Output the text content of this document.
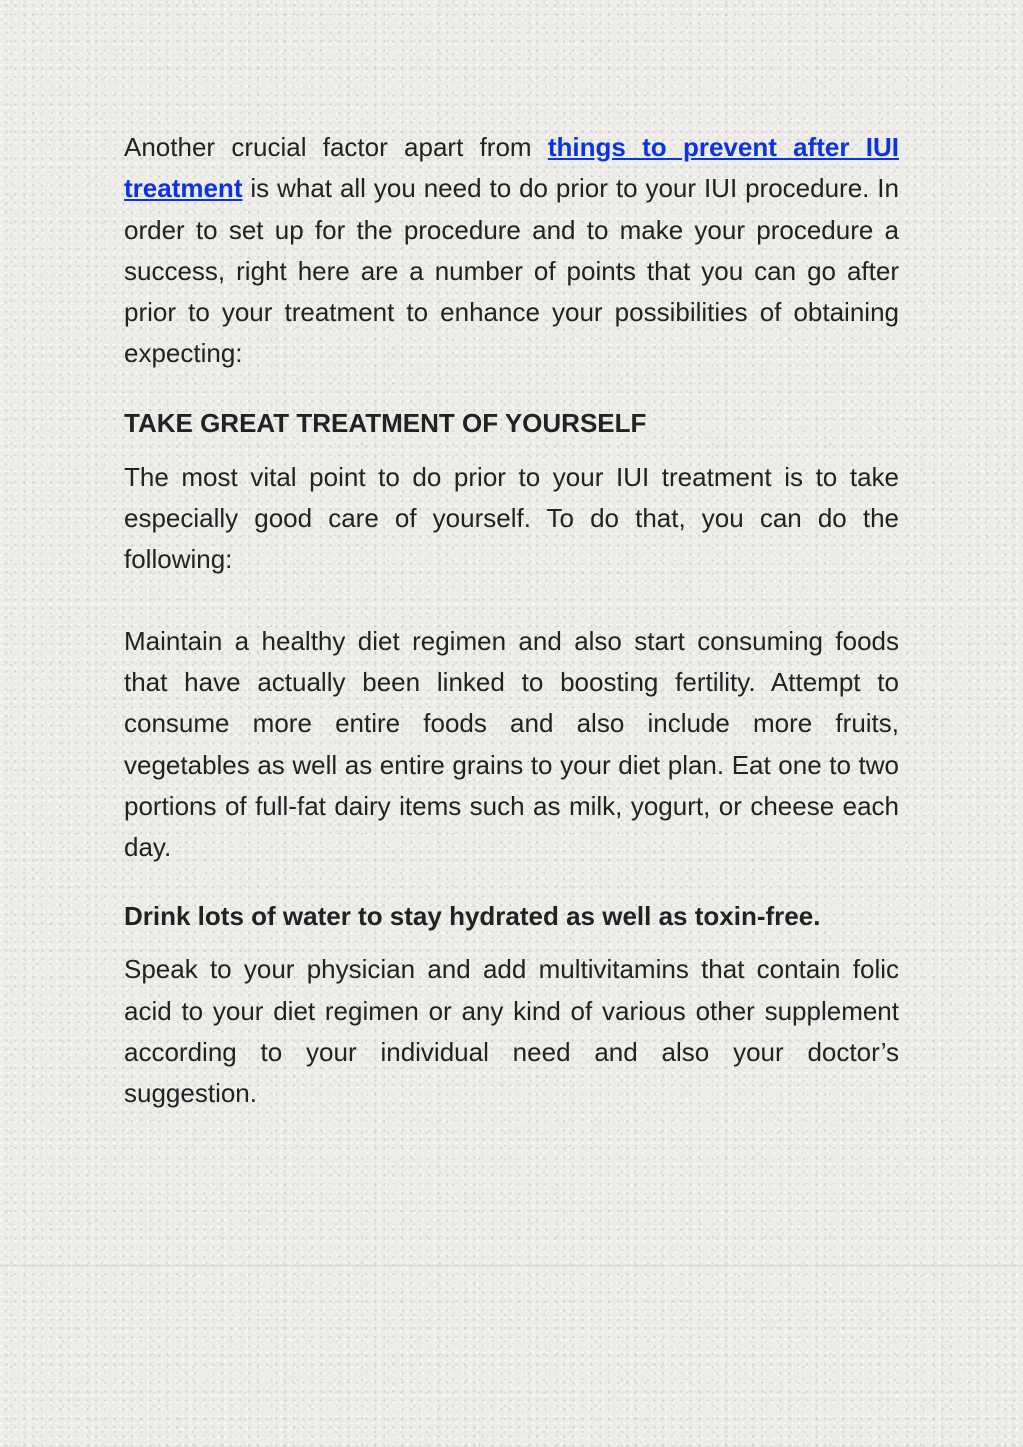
Another crucial factor apart from things to prevent after IUI treatment is what all you need to do prior to your IUI procedure. In order to set up for the procedure and to make your procedure a success, right here are a number of points that you can go after prior to your treatment to enhance your possibilities of obtaining expecting:

TAKE GREAT TREATMENT OF YOURSELF

The most vital point to do prior to your IUI treatment is to take especially good care of yourself. To do that, you can do the following:

Maintain a healthy diet regimen and also start consuming foods that have actually been linked to boosting fertility. Attempt to consume more entire foods and also include more fruits, vegetables as well as entire grains to your diet plan. Eat one to two portions of full-fat dairy items such as milk, yogurt, or cheese each day.

Drink lots of water to stay hydrated as well as toxin-free.

Speak to your physician and add multivitamins that contain folic acid to your diet regimen or any kind of various other supplement according to your individual need and also your doctor’s suggestion.
